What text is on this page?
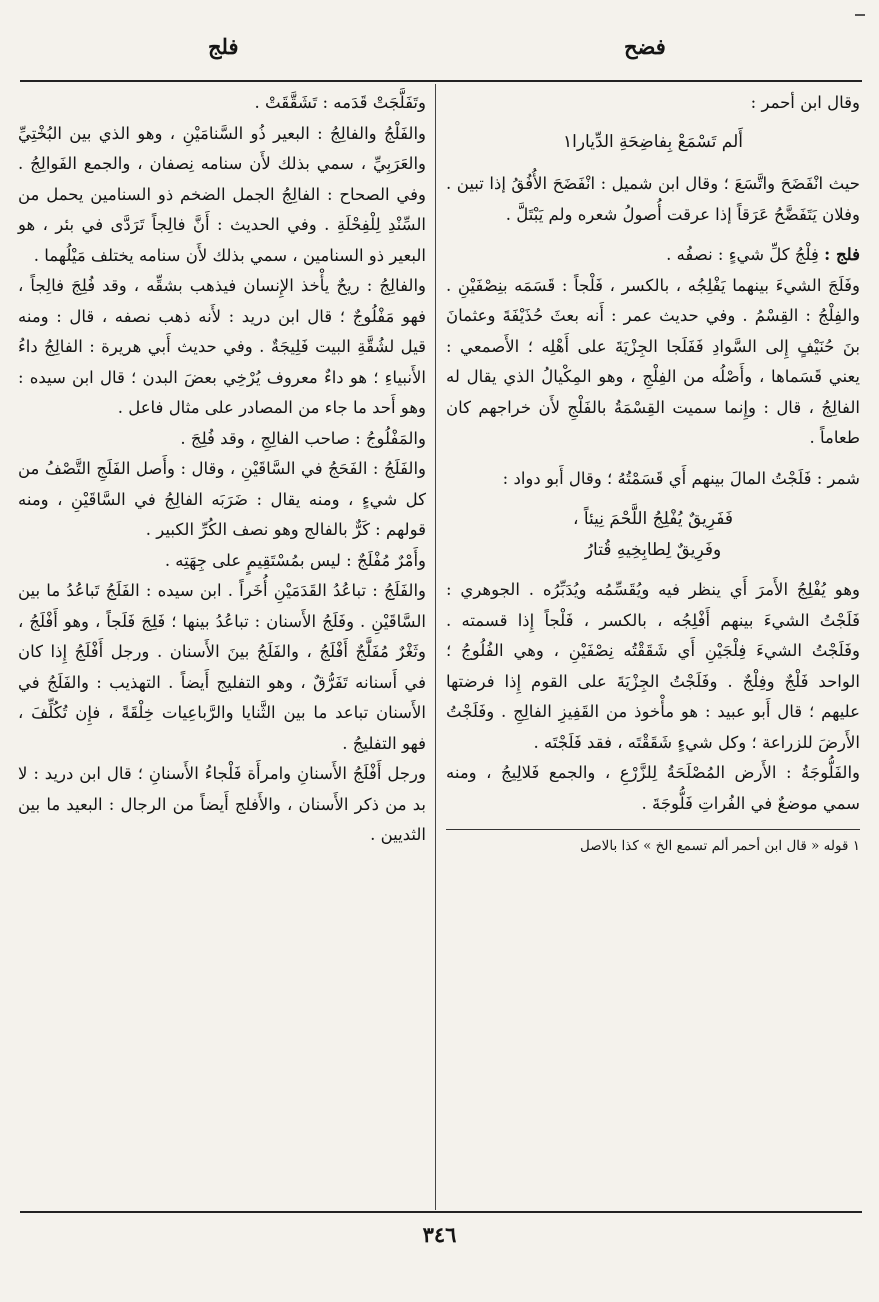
فضح
فلج

وقال ابن أحمر :

أَلم تَسْمَعْ بِفاضِحَةِ الدِّيارا١

حيث انْفَضَحَ واتَّسَعَ ؛ وقال ابن شميل : انْفَضَحَ الأُفُقُ إذا تبين . وفلان يَتَفَضَّحُ عَرَقاً إذا عرقت أُصولُ شعره ولم يَبْتَلَّ .

فلج : فِلْجُ كلِّ شيءٍ : نصفُه .

وفَلَجَ الشيءَ بينهما يَفْلِجُه ، بالكسر ، فَلْجاً : قَسَمَه بنِصْفَيْنِ . والفِلْجُ : القِسْمُ . وفي حديث عمر : أَنه بعثَ حُذَيْفَةَ وعثمانَ بنَ حُنَيْفٍ إِلى السَّوادِ فَفَلَجا الجِزْيَةَ على أَهْلِه ؛ الأَصمعي : يعني قَسَماها ، وأَصْلُه من الفِلْجِ ، وهو المِكْيالُ الذي يقال له الفالِجُ ، قال : وإِنما سميت القِسْمَةُ بالفَلْجِ لأَن خراجهم كان طعاماً .

شمر : فَلَجْتُ المالَ بينهم أَي قَسَمْتُهُ ؛ وقال أَبو دواد :

فَفَرِيقٌ يُفْلِجُ اللَّحْمَ نِيئاً ،

وفَرِيقٌ لِطابِخِيهِ قُتارُ

وهو يُفْلِجُ الأَمرَ أَي ينظر فيه ويُقَسِّمُه ويُدَبِّرُه . الجوهري : فَلَجْتُ الشيءَ بينهم أَفْلِجُه ، بالكسر ، فَلْجاً إِذا قسمته . وفَلَجْتُ الشيءَ فِلْجَيْنِ أَي شَقَقْتُه نِصْفَيْنِ ، وهي الفُلُوجُ ؛ الواحد فَلْجٌ وفِلْجٌ . وفَلَجْتُ الجِزْيَةَ على القوم إِذا فرضتها عليهم ؛ قال أَبو عبيد : هو مأْخوذ من القَفِيزِ الفالِجِ . وفَلَجْتُ الأَرضَ للزراعة ؛ وكل شيءٍ شَقَقْتَه ، فقد فَلَجْتَه .

والفَلُّوجَةُ : الأَرض المُصْلَحَةُ لِلزَّرْعِ ، والجمع فَلالِيجُ ، ومنه سمي موضعٌ في الفُراتِ فَلُّوجَةَ .

١ قوله « قال ابن أحمر ألم تسمع الخ » كذا بالاصل

وتَفَلَّجَتْ قَدَمه : تَشَقَّقَتْ .

والفَلْجُ والفالِجُ : البعير ذُو السَّنامَيْنِ ، وهو الذي بين البُخْتِيِّ والعَرَبِيِّ ، سمي بذلك لأَن سنامه نِصفان ، والجمع الفَوالِجُ . وفي الصحاح : الفالِجُ الجمل الضخم ذو السنامين يحمل من السِّنْدِ لِلْفِحْلَةِ . وفي الحديث : أَنَّ فالِجاً تَرَدَّى في بئر ، هو البعير ذو السنامين ، سمي بذلك لأَن سنامه يختلف مَيْلُهما .

والفالِجُ : ريحٌ يأْخذ الإِنسان فيذهب بشقِّه ، وقد فُلِجَ فالِجاً ، فهو مَفْلُوجٌ ؛ قال ابن دريد : لأَنه ذهب نصفه ، قال : ومنه قيل لشُقَّةِ البيت فَلِيجَةٌ . وفي حديث أَبي هريرة : الفالِجُ داءُ الأَنبياءِ ؛ هو داءٌ معروف يُرْخِي بعضَ البدن ؛ قال ابن سيده : وهو أَحد ما جاء من المصادر على مثال فاعل .

والمَفْلُوجُ : صاحب الفالِجِ ، وقد فُلِجَ .

والفَلَجُ : الفَحَجُ في السَّاقَيْنِ ، وقال : وأَصل الفَلَجِ التَّصْفُ من كل شيءٍ ، ومنه يقال : ضَرَبَه الفالِجُ في السَّاقَيْنِ ، ومنه قولهم : كَرٌّ بالفالج وهو نصف الكُرِّ الكبير .

وأَمْرٌ مُفْلَجٌ : ليس بمُسْتَقِيمٍ على جِهَتِه .

والفَلَجُ : تباعُدُ القَدَمَيْنِ أُخَراً . ابن سيده : الفَلَجُ تَباعُدُ ما بين السَّاقَيْنِ . وفَلَجُ الأَسنان : تباعُدُ بينها ؛ فَلِجَ فَلَجاً ، وهو أَفْلَجُ ، وثَغْرٌ مُفَلَّجٌ أَفْلَجُ ، والفَلَجُ بينَ الأَسنان . ورجل أَفْلَجُ إِذا كان في أَسنانه تَفَرُّقٌ ، وهو التفليج أَيضاً . التهذيب : والفَلَجُ في الأَسنان تباعد ما بين الثَّنايا والرَّباعِيات خِلْقَةً ، فإِن تُكُلِّفَ ، فهو التفليجُ .

ورجل أَفْلَجُ الأَسنانِ وامرأَة فَلْجاءُ الأَسنانِ ؛ قال ابن دريد : لا بد من ذكر الأَسنان ، والأَفلج أَيضاً من الرجال : البعيد ما بين الثديين .

٣٤٦
